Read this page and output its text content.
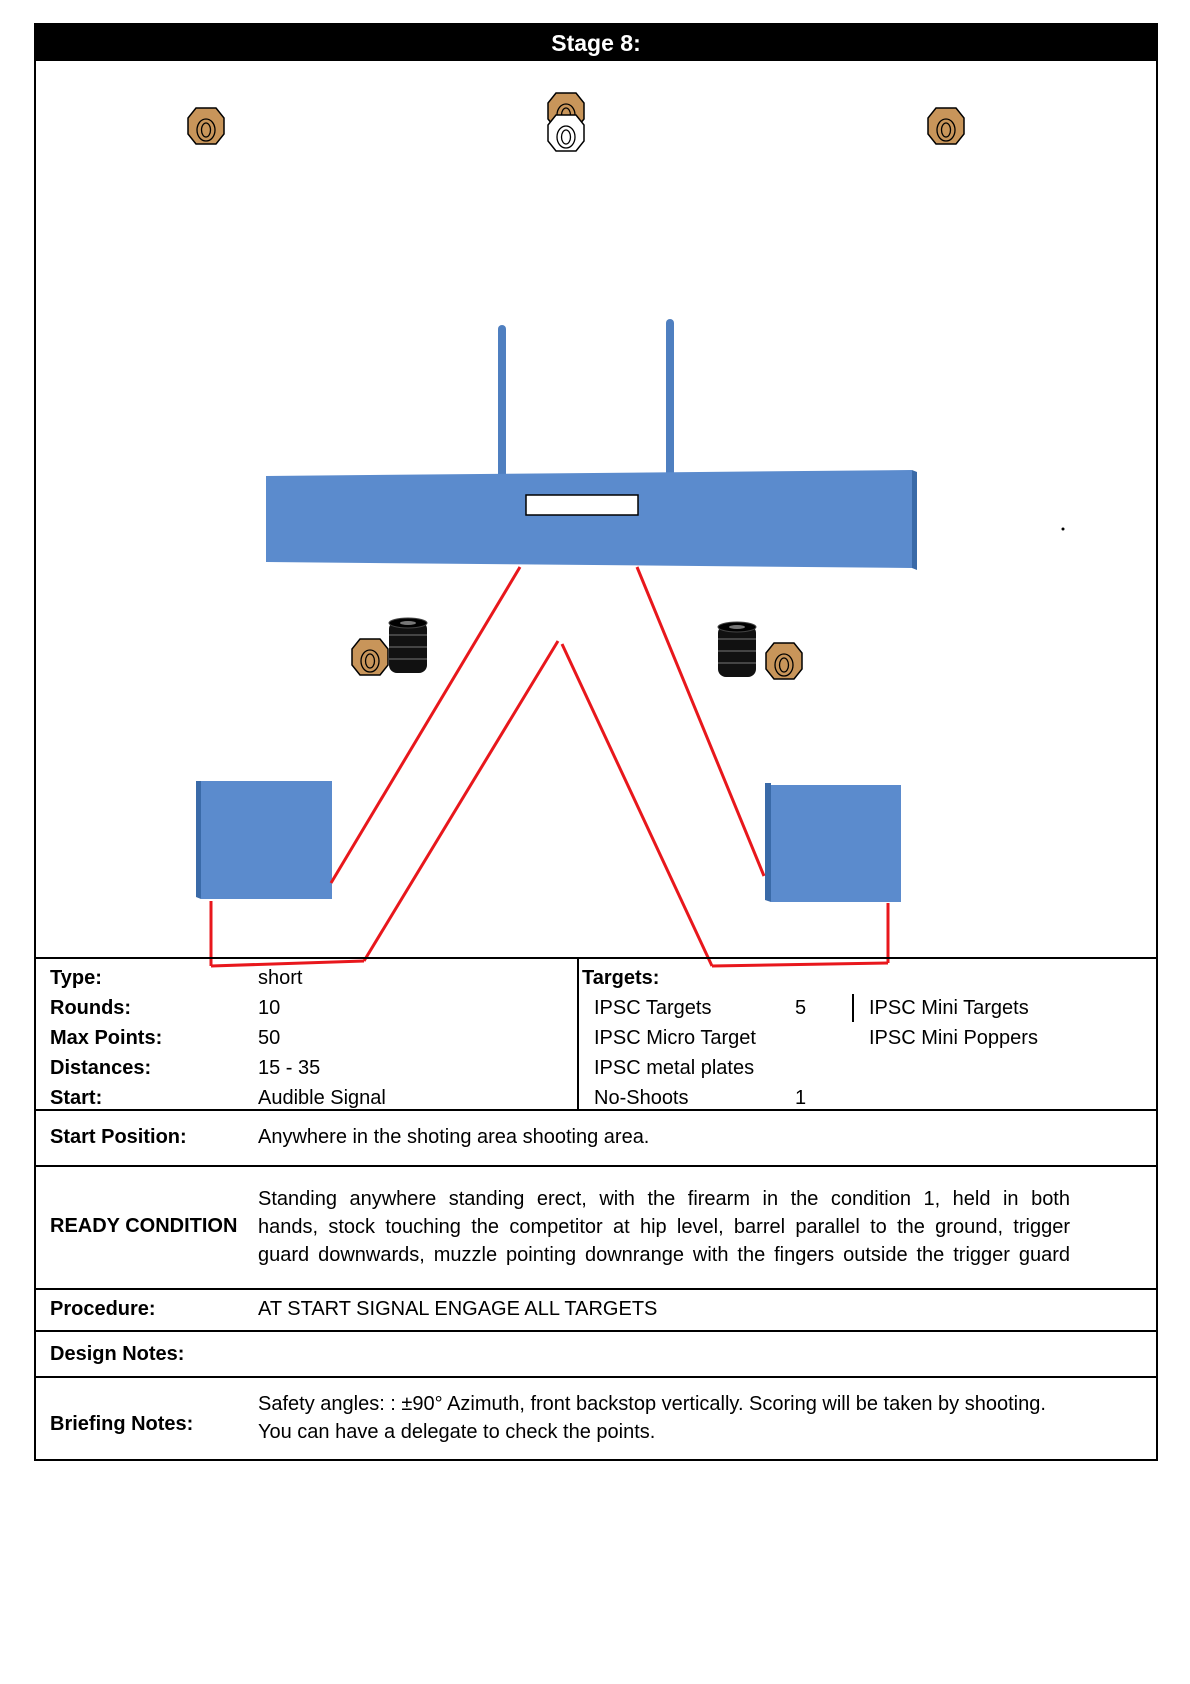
Stage 8:
Type:
Rounds:
Max Points:
Distances:
Start:
short
10
50
15 - 35
Audible Signal
Targets:
IPSC Targets
IPSC Micro Target
IPSC metal plates
No-Shoots
5
1
IPSC Mini Targets
IPSC Mini Poppers
Start Position:	Anywhere in the shoting area shooting area.
READY CONDITION
Standing anywhere standing erect, with the firearm in the condition 1, held in both
hands, stock touching the competitor at hip level, barrel parallel to the ground, trigger
guard downwards, muzzle pointing downrange with the fingers outside the trigger guard
Procedure:	AT START SIGNAL ENGAGE ALL TARGETS
Design Notes:
Briefing Notes:
Safety angles: : ±90° Azimuth, front backstop vertically. Scoring will be taken by shooting.
You can have a delegate to check the points.
